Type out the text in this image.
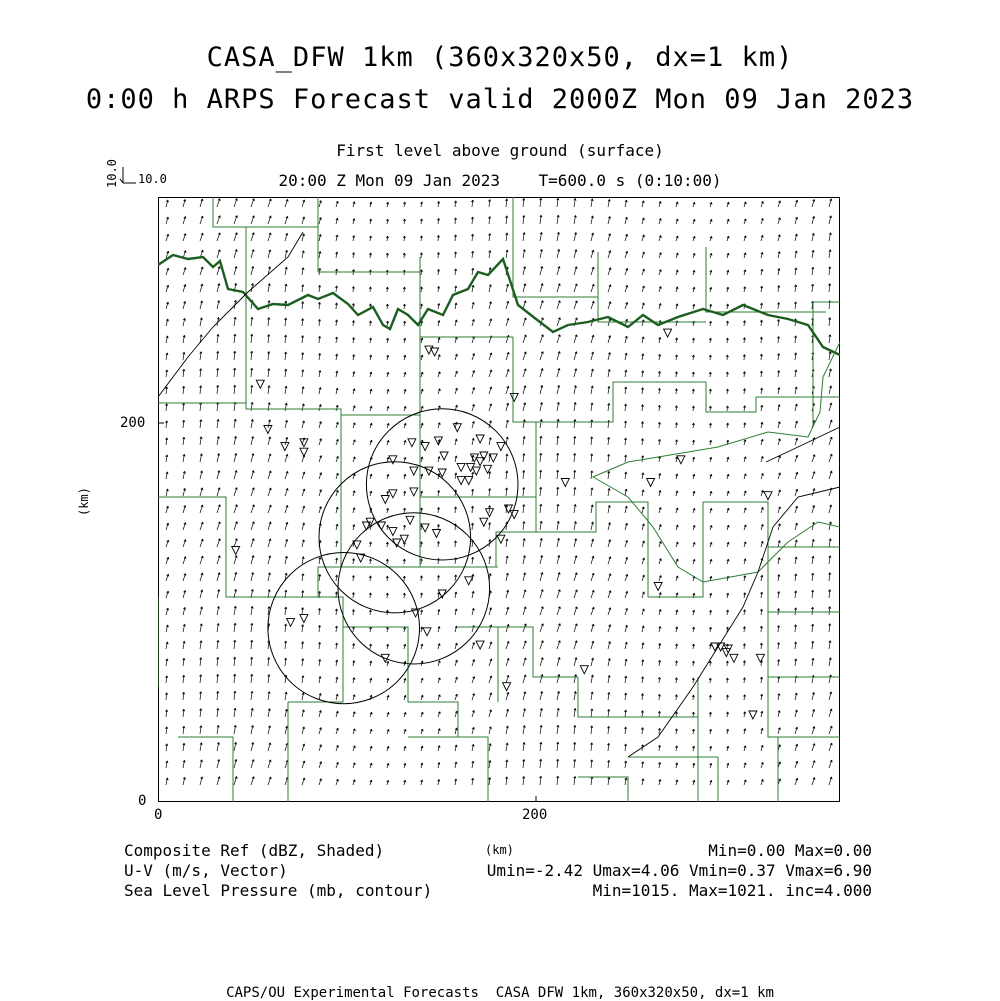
CASA_DFW 1km (360x320x50, dx=1 km)
0:00 h ARPS Forecast valid 2000Z Mon 09 Jan 2023
First level above ground (surface)
20:00 Z Mon 09 Jan 2023    T=600.0 s (0:10:00)
10.0
10.0
200
0
0	200
(km)
(km)
Composite Ref (dBZ, Shaded)
U-V (m/s, Vector)
Sea Level Pressure (mb, contour)
Min=0.00 Max=0.00
Umin=-2.42 Umax=4.06 Vmin=0.37 Vmax=6.90
Min=1015. Max=1021. inc=4.000
CAPS/OU Experimental Forecasts  CASA DFW 1km, 360x320x50, dx=1 km
